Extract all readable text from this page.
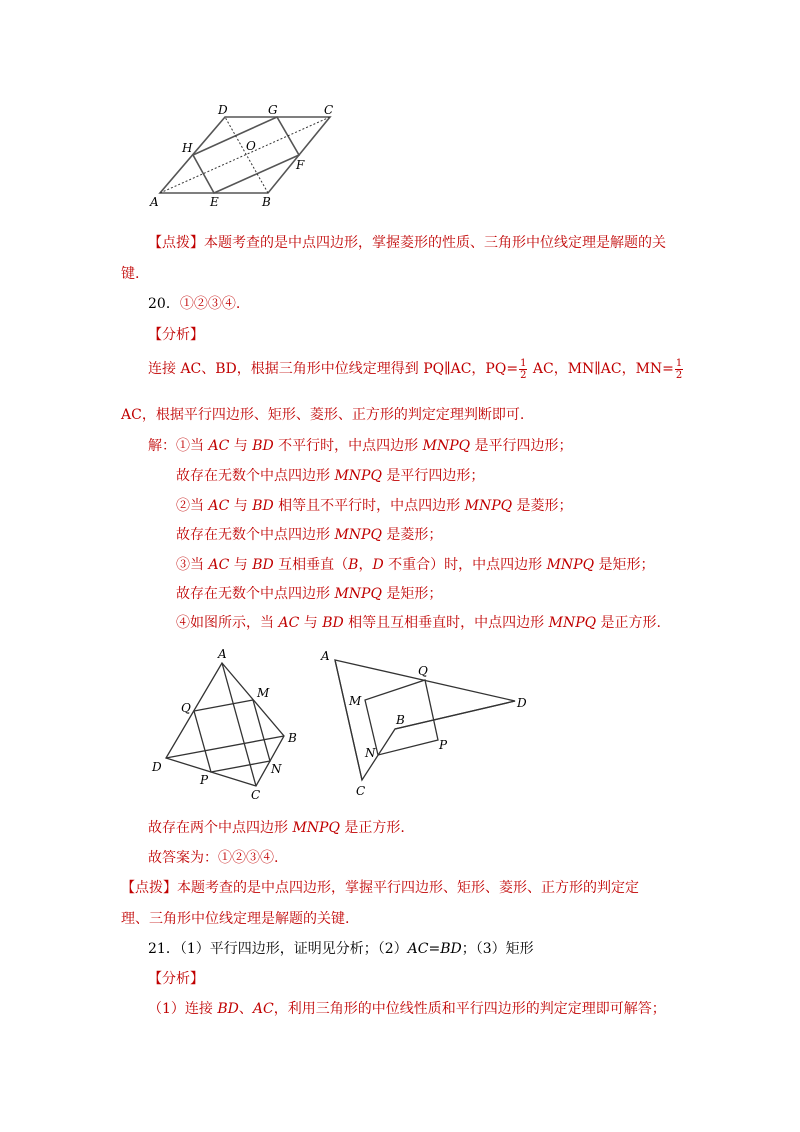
D	G	C
H	O
F
A	E	B
【点拨】本题考查的是中点四边形，掌握菱形的性质、三角形中位线定理是解题的关
键.
20．①②③④.
【分析】
连接 AC、BD，根据三角形中位线定理得到 PQ∥AC，$PQ= \frac{1}{2}$ AC，MN∥AC，$MN= \frac{1}{2}$
AC，根据平行四边形、矩形、菱形、正方形的判定定理判断即可.
解：①当 AC 与 BD 不平行时，中点四边形 MNPQ 是平行四边形；
故存在无数个中点四边形 MNPQ 是平行四边形；
②当 AC 与 BD 相等且不平行时，中点四边形 MNPQ 是菱形；
故存在无数个中点四边形 MNPQ 是菱形；
③当 AC 与 BD 互相垂直（B，D 不重合）时，中点四边形 MNPQ 是矩形；
故存在无数个中点四边形 MNPQ 是矩形；
④如图所示，当 AC 与 BD 相等且互相垂直时，中点四边形 MNPQ 是正方形.
A
M
Q
B
D	N
P
C
A
Q
D
M
B
P
N
C
故存在两个中点四边形 MNPQ 是正方形.
故答案为：①②③④.
【点拨】本题考查的是中点四边形，掌握平行四边形、矩形、菱形、正方形的判定定
理、三角形中位线定理是解题的关键.
21．（1）平行四边形，证明见分析；（2）AC=BD；（3）矩形
【分析】
（1）连接 BD、AC，利用三角形的中位线性质和平行四边形的判定定理即可解答；
